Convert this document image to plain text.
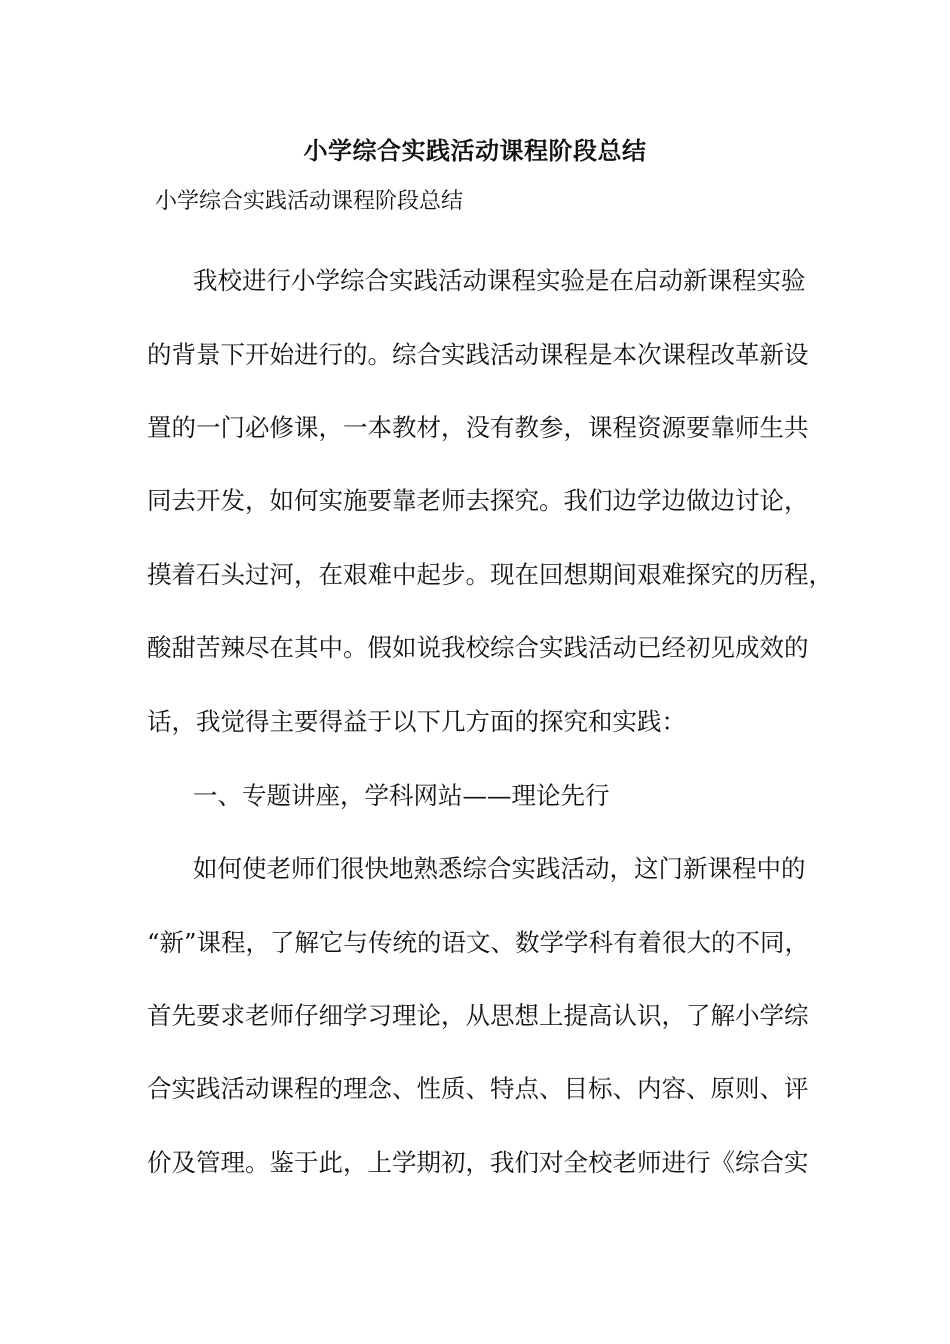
小学综合实践活动课程阶段总结
小学综合实践活动课程阶段总结
我校进行小学综合实践活动课程实验是在启动新课程实验
的背景下开始进行的。综合实践活动课程是本次课程改革新设
置的一门必修课，一本教材，没有教参，课程资源要靠师生共
同去开发，如何实施要靠老师去探究。我们边学边做边讨论，
摸着石头过河，在艰难中起步。现在回想期间艰难探究的历程，
酸甜苦辣尽在其中。假如说我校综合实践活动已经初见成效的
话，我觉得主要得益于以下几方面的探究和实践：
一、专题讲座，学科网站——理论先行
如何使老师们很快地熟悉综合实践活动，这门新课程中的
“新”课程，了解它与传统的语文、数学学科有着很大的不同，
首先要求老师仔细学习理论，从思想上提高认识，了解小学综
合实践活动课程的理念、性质、特点、目标、内容、原则、评
价及管理。鉴于此，上学期初，我们对全校老师进行《综合实
